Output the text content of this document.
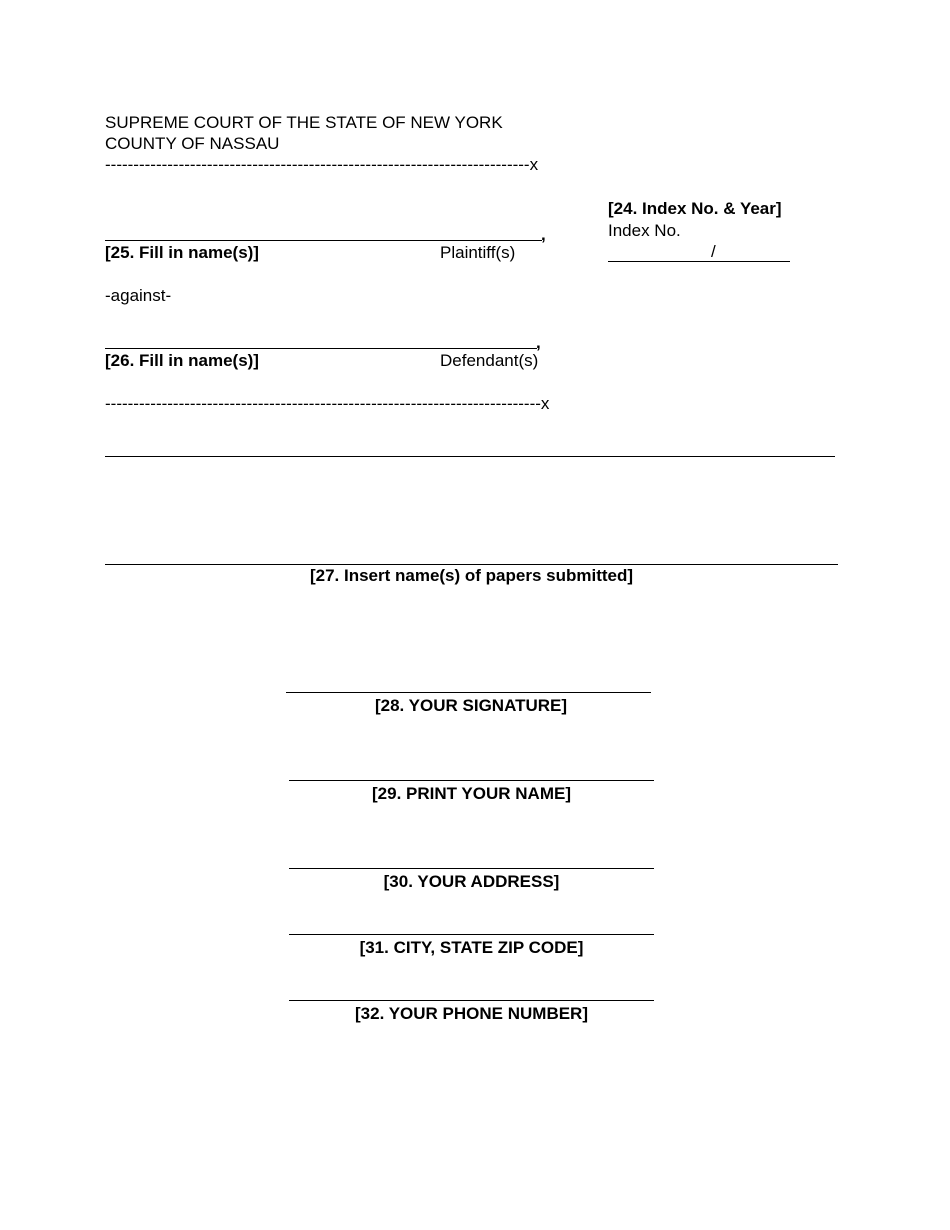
SUPREME COURT OF THE STATE OF NEW YORK
COUNTY OF NASSAU
---------------------------------------------------------------------------x
[24. Index No. & Year]
Index No.
/
,
[25. Fill in name(s)]	Plaintiff(s)
-against-
,
[26. Fill in name(s)]	Defendant(s)
-----------------------------------------------------------------------------x
[27. Insert name(s) of papers submitted]
[28. YOUR SIGNATURE]
[29. PRINT YOUR NAME]
[30. YOUR ADDRESS]
[31. CITY, STATE ZIP CODE]
[32. YOUR PHONE NUMBER]
